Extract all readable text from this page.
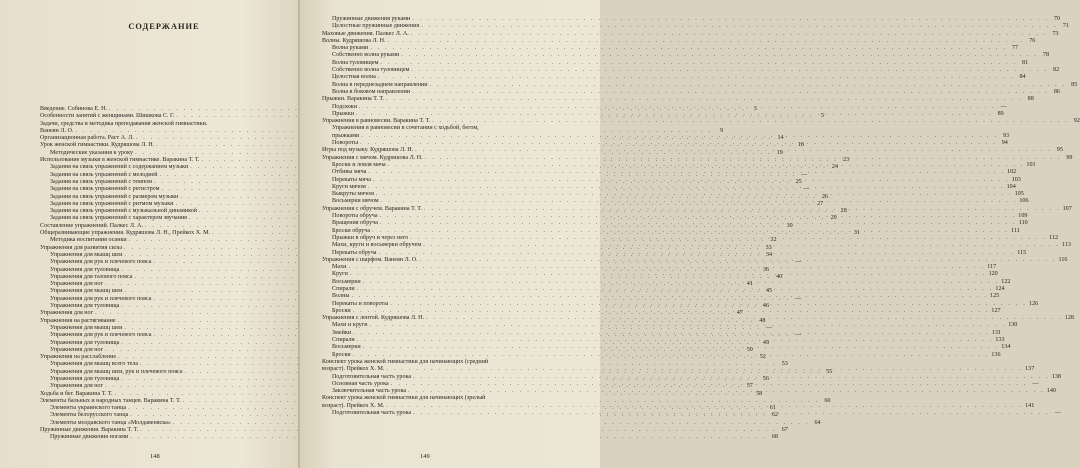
СОДЕРЖАНИЕ
Введение. Собинова Е. Н. . . .	3
Особенности занятий с женщинами. Шишкова С. Г. . . .	5
Задачи, средства и методика преподавания женской гимнастики.
Ванеян Л. О. . . .	9
Организационная работа. Раст А. Л. . . .	14
Урок женской гимнастики. Кудряшова Л. Н. . . .	18
Методические указания к уроку . . .	19
Использование музыки в женской гимнастике. Варакина Т. Т. . . .	23
Задания на связь упражнений с содержанием музыки . . .	24
Задания на связь упражнений с мелодией . . .	—
Задания на связь упражнений с темпом . . .	25
Задания на связь упражнений с регистром . . .	—
Задания на связь упражнений с размером музыки . . .	26
Задания на связь упражнений с ритмом музыки . . .	27
Задания на связь упражнений с музыкальной динамикой . . .	28
Задания на связь упражнений с характером звучания . . .	29
Составление упражнений. Палкес Л. А. . . .	30
Общеразвивающие упражнения. Кудряшова Л. Н., Прейкох Х. М. . . .	31
Методика воспитания осанки . . .	32
Упражнения для развития силы . . .	33
Упражнения для мышц шеи . . .	34
Упражнения для рук и плечевого пояса . . .	—
Упражнения для туловища . . .	36
Упражнения для тазового пояса . . .	40
Упражнения для ног . . .	41
Упражнения для мышц шеи . . .	45
Упражнения для рук и плечевого пояса . . .	—
Упражнения для туловища . . .	46
Упражнения для ног . . .	47
Упражнения на растягивание . . .	48
Упражнения для мышц шеи . . .	—
Упражнения для рук и плечевого пояса . . .	—
Упражнения для туловища . . .	49
Упражнения для ног . . .	50
Упражнения на расслабление . . .	52
Упражнения для мышц всего тела . . .	53
Упражнения для мышц шеи, рук и плечевого пояса . . .	55
Упражнения для туловища . . .	56
Упражнения для ног . . .	57
Ходьба и бег. Варакина Т. Т. . . .	58
Элементы бальных и народных танцев. Варакина Т. Т. . . .	60
Элементы украинского танца . . .	61
Элементы белорусского танца . . .	62
Элементы молдавского танца «Молдавеняска» . . .	64
Пружинные движения. Варакина Т. Т. . . .	67
Пружинные движения ногами . . .	68
148
Пружинные движения руками . . .	70
Целостные пружинные движения . . .	71
Маховые движения. Палкес Л. А. . . .	73
Волны. Кудряшова Л. Н. . . .	76
Волна руками . . .	77
Собственно волна руками . . .	78
Волна туловищем . . .	81
Собственно волна туловищем . . .	82
Целостная волна . . .	84
Волна в переднезаднем направлении . . .	85
Волна в боковом направлении . . .	86
Прыжки. Варакина Т. Т. . . .	88
Подскоки . . .	—
Прыжки . . .	89
Упражнения в равновесии. Варакина Т. Т. . . .	92
Упражнения в равновесии в сочетании с ходьбой, бегом,
прыжками . . .	93
Повороты . . .	94
Игры под музыку. Кудряшова Л. Н. . . .	95
Упражнения с мячом. Кудряшова Л. Н. . . .	99
Броски и ловля мяча . . .	101
Отбивы мяча . . .	102
Перекаты мяча . . .	103
Круги мячом . . .	104
Выкруты мячом . . .	105
Восьмерки мячом . . .	106
Упражнения с обручем. Варакина Т. Т. . . .	107
Повороты обруча . . .	109
Вращения обруча . . .	110
Броски обруча . . .	111
Прыжки в обруч и через него . . .	112
Махи, круги и восьмерки обручем . . .	113
Перекаты обруча . . .	115
Упражнения с шарфом. Ванеян Л. О. . . .	116
Махи . . .	117
Круги . . .	120
Восьмерки . . .	122
Спирали . . .	124
Волны . . .	125
Перекаты и повороты . . .	126
Броски . . .	127
Упражнения с лентой. Кудряшова Л. Н. . . .	128
Махи и круги . . .	130
Змейки . . .	131
Спирали . . .	133
Восьмерки . . .	134
Броски . . .	136
Конспект урока женской гимнастики для начинающих (средний
возраст). Прейкох Х. М. . . .	137
Подготовительная часть урока . . .	138
Основная часть урока . . .	—
Заключительная часть урока . . .	140
Конспект урока женской гимнастики для начинающих (зрелый
возраст). Прейкох Х. М. . . .	141
Подготовительная часть урока . . .	—
149
